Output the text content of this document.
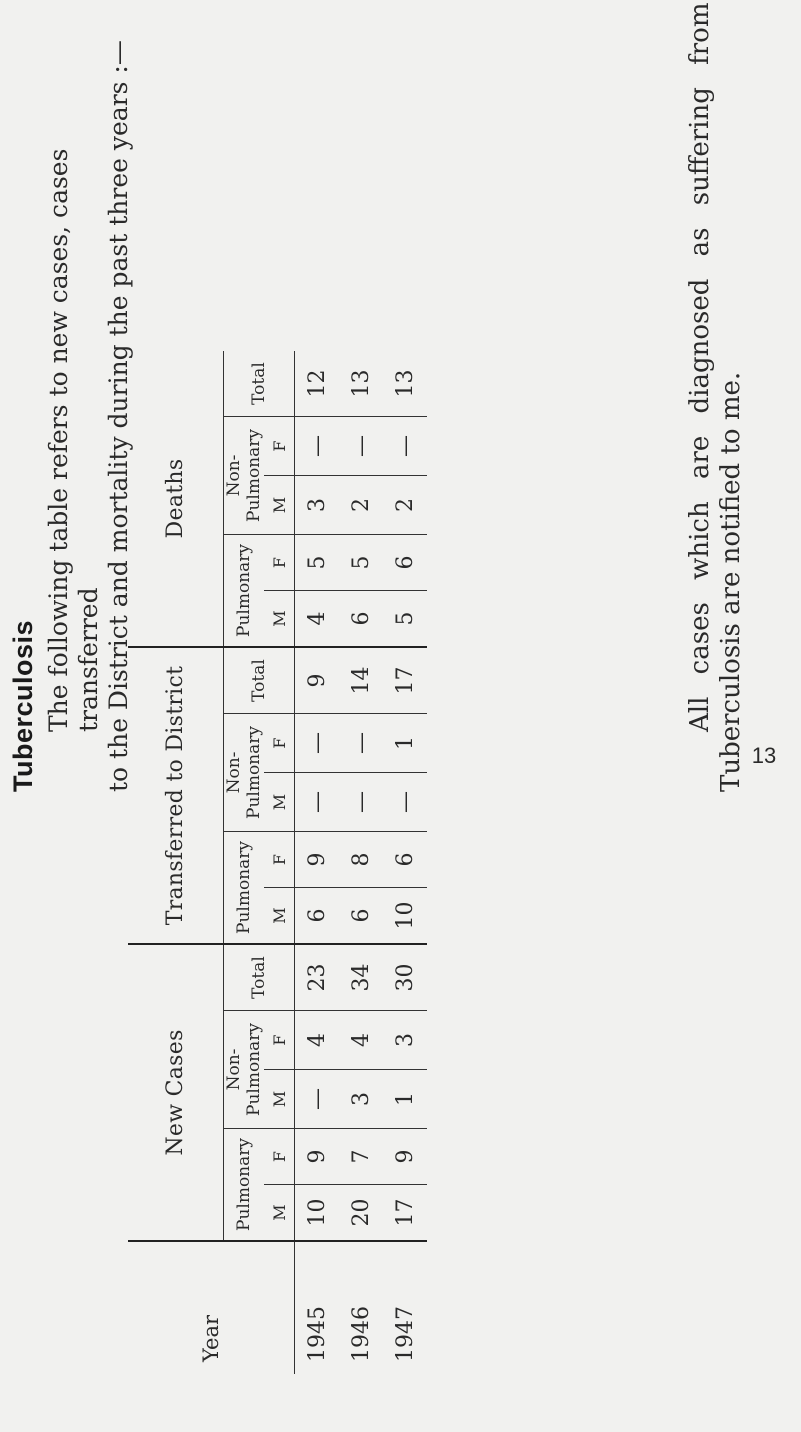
Tuberculosis The following table refers to new cases, cases transferred to the District and mortality during the past three years :—
Year	New Cases					Transferred to District					Deaths				
	Pulmonary		Non-Pulmonary		Total	Pulmonary		Non-Pulmonary		Total	Pulmonary		Non-Pulmonary		Total
	M	F	M	F		M	F	M	F		M	F	M	F	
1945	10	9	—	4	23	6	9	—	—	9	4	5	3	—	12
1946	20	7	3	4	34	6	8	—	—	14	6	5	2	—	13
1947	17	9	1	3	30	10	6	—	1	17	5	6	2	—	13	All cases which are diagnosed as suffering from Tuberculosis are notified to me. 13
